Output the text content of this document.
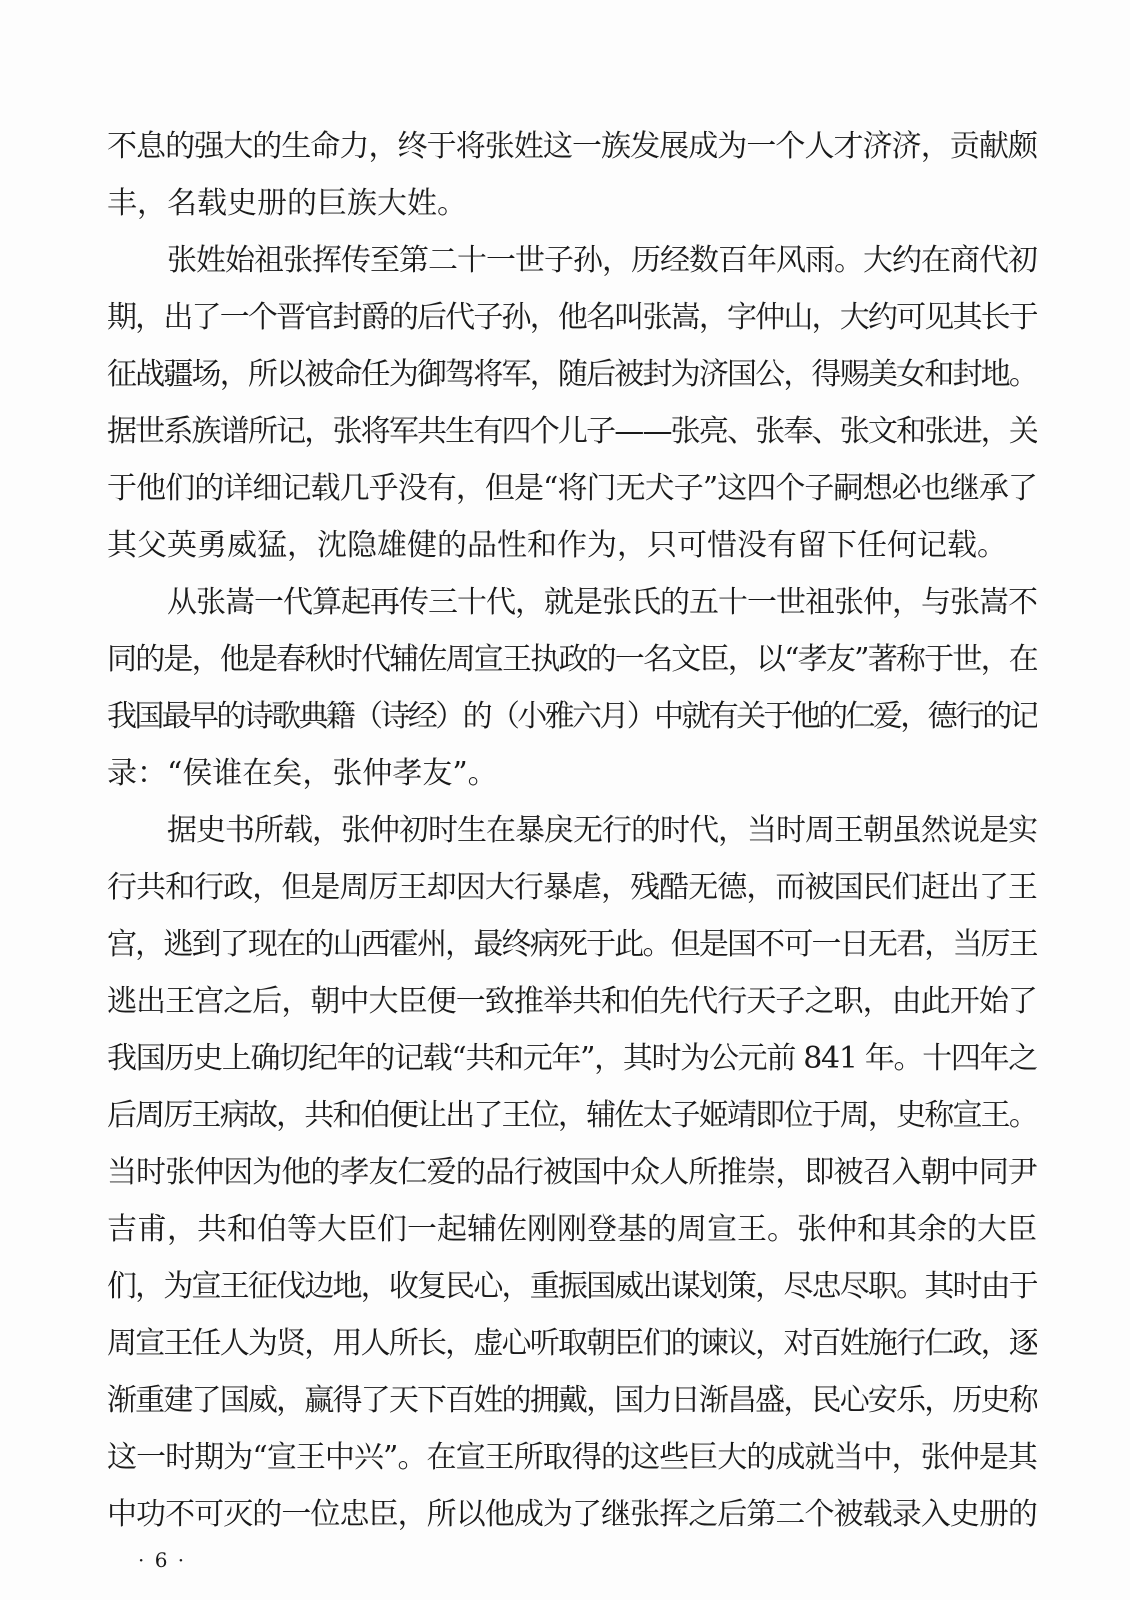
不息的强大的生命力，终于将张姓这一族发展成为一个人才济济，贡献颇
丰，名载史册的巨族大姓。
张姓始祖张挥传至第二十一世子孙，历经数百年风雨。大约在商代初
期，出了一个晋官封爵的后代子孙，他名叫张嵩，字仲山，大约可见其长于
征战疆场，所以被命任为御驾将军，随后被封为济国公，得赐美女和封地。
据世系族谱所记，张将军共生有四个儿子——张亮、张奉、张文和张进，关
于他们的详细记载几乎没有，但是“将门无犬子”这四个子嗣想必也继承了
其父英勇威猛，沈隐雄健的品性和作为，只可惜没有留下任何记载。
从张嵩一代算起再传三十代，就是张氏的五十一世祖张仲，与张嵩不
同的是，他是春秋时代辅佐周宣王执政的一名文臣，以“孝友”著称于世，在
我国最早的诗歌典籍（诗经）的（小雅六月）中就有关于他的仁爱，德行的记
录：“侯谁在矣，张仲孝友”。
据史书所载，张仲初时生在暴戾无行的时代，当时周王朝虽然说是实
行共和行政，但是周厉王却因大行暴虐，残酷无德，而被国民们赶出了王
宫，逃到了现在的山西霍州，最终病死于此。但是国不可一日无君，当厉王
逃出王宫之后，朝中大臣便一致推举共和伯先代行天子之职，由此开始了
我国历史上确切纪年的记载“共和元年”，其时为公元前 841 年。十四年之
后周厉王病故，共和伯便让出了王位，辅佐太子姬靖即位于周，史称宣王。
当时张仲因为他的孝友仁爱的品行被国中众人所推崇，即被召入朝中同尹
吉甫，共和伯等大臣们一起辅佐刚刚登基的周宣王。张仲和其余的大臣
们，为宣王征伐边地，收复民心，重振国威出谋划策，尽忠尽职。其时由于
周宣王任人为贤，用人所长，虚心听取朝臣们的谏议，对百姓施行仁政，逐
渐重建了国威，赢得了天下百姓的拥戴，国力日渐昌盛，民心安乐，历史称
这一时期为“宣王中兴”。在宣王所取得的这些巨大的成就当中，张仲是其
中功不可灭的一位忠臣，所以他成为了继张挥之后第二个被载录入史册的
· 6 ·
